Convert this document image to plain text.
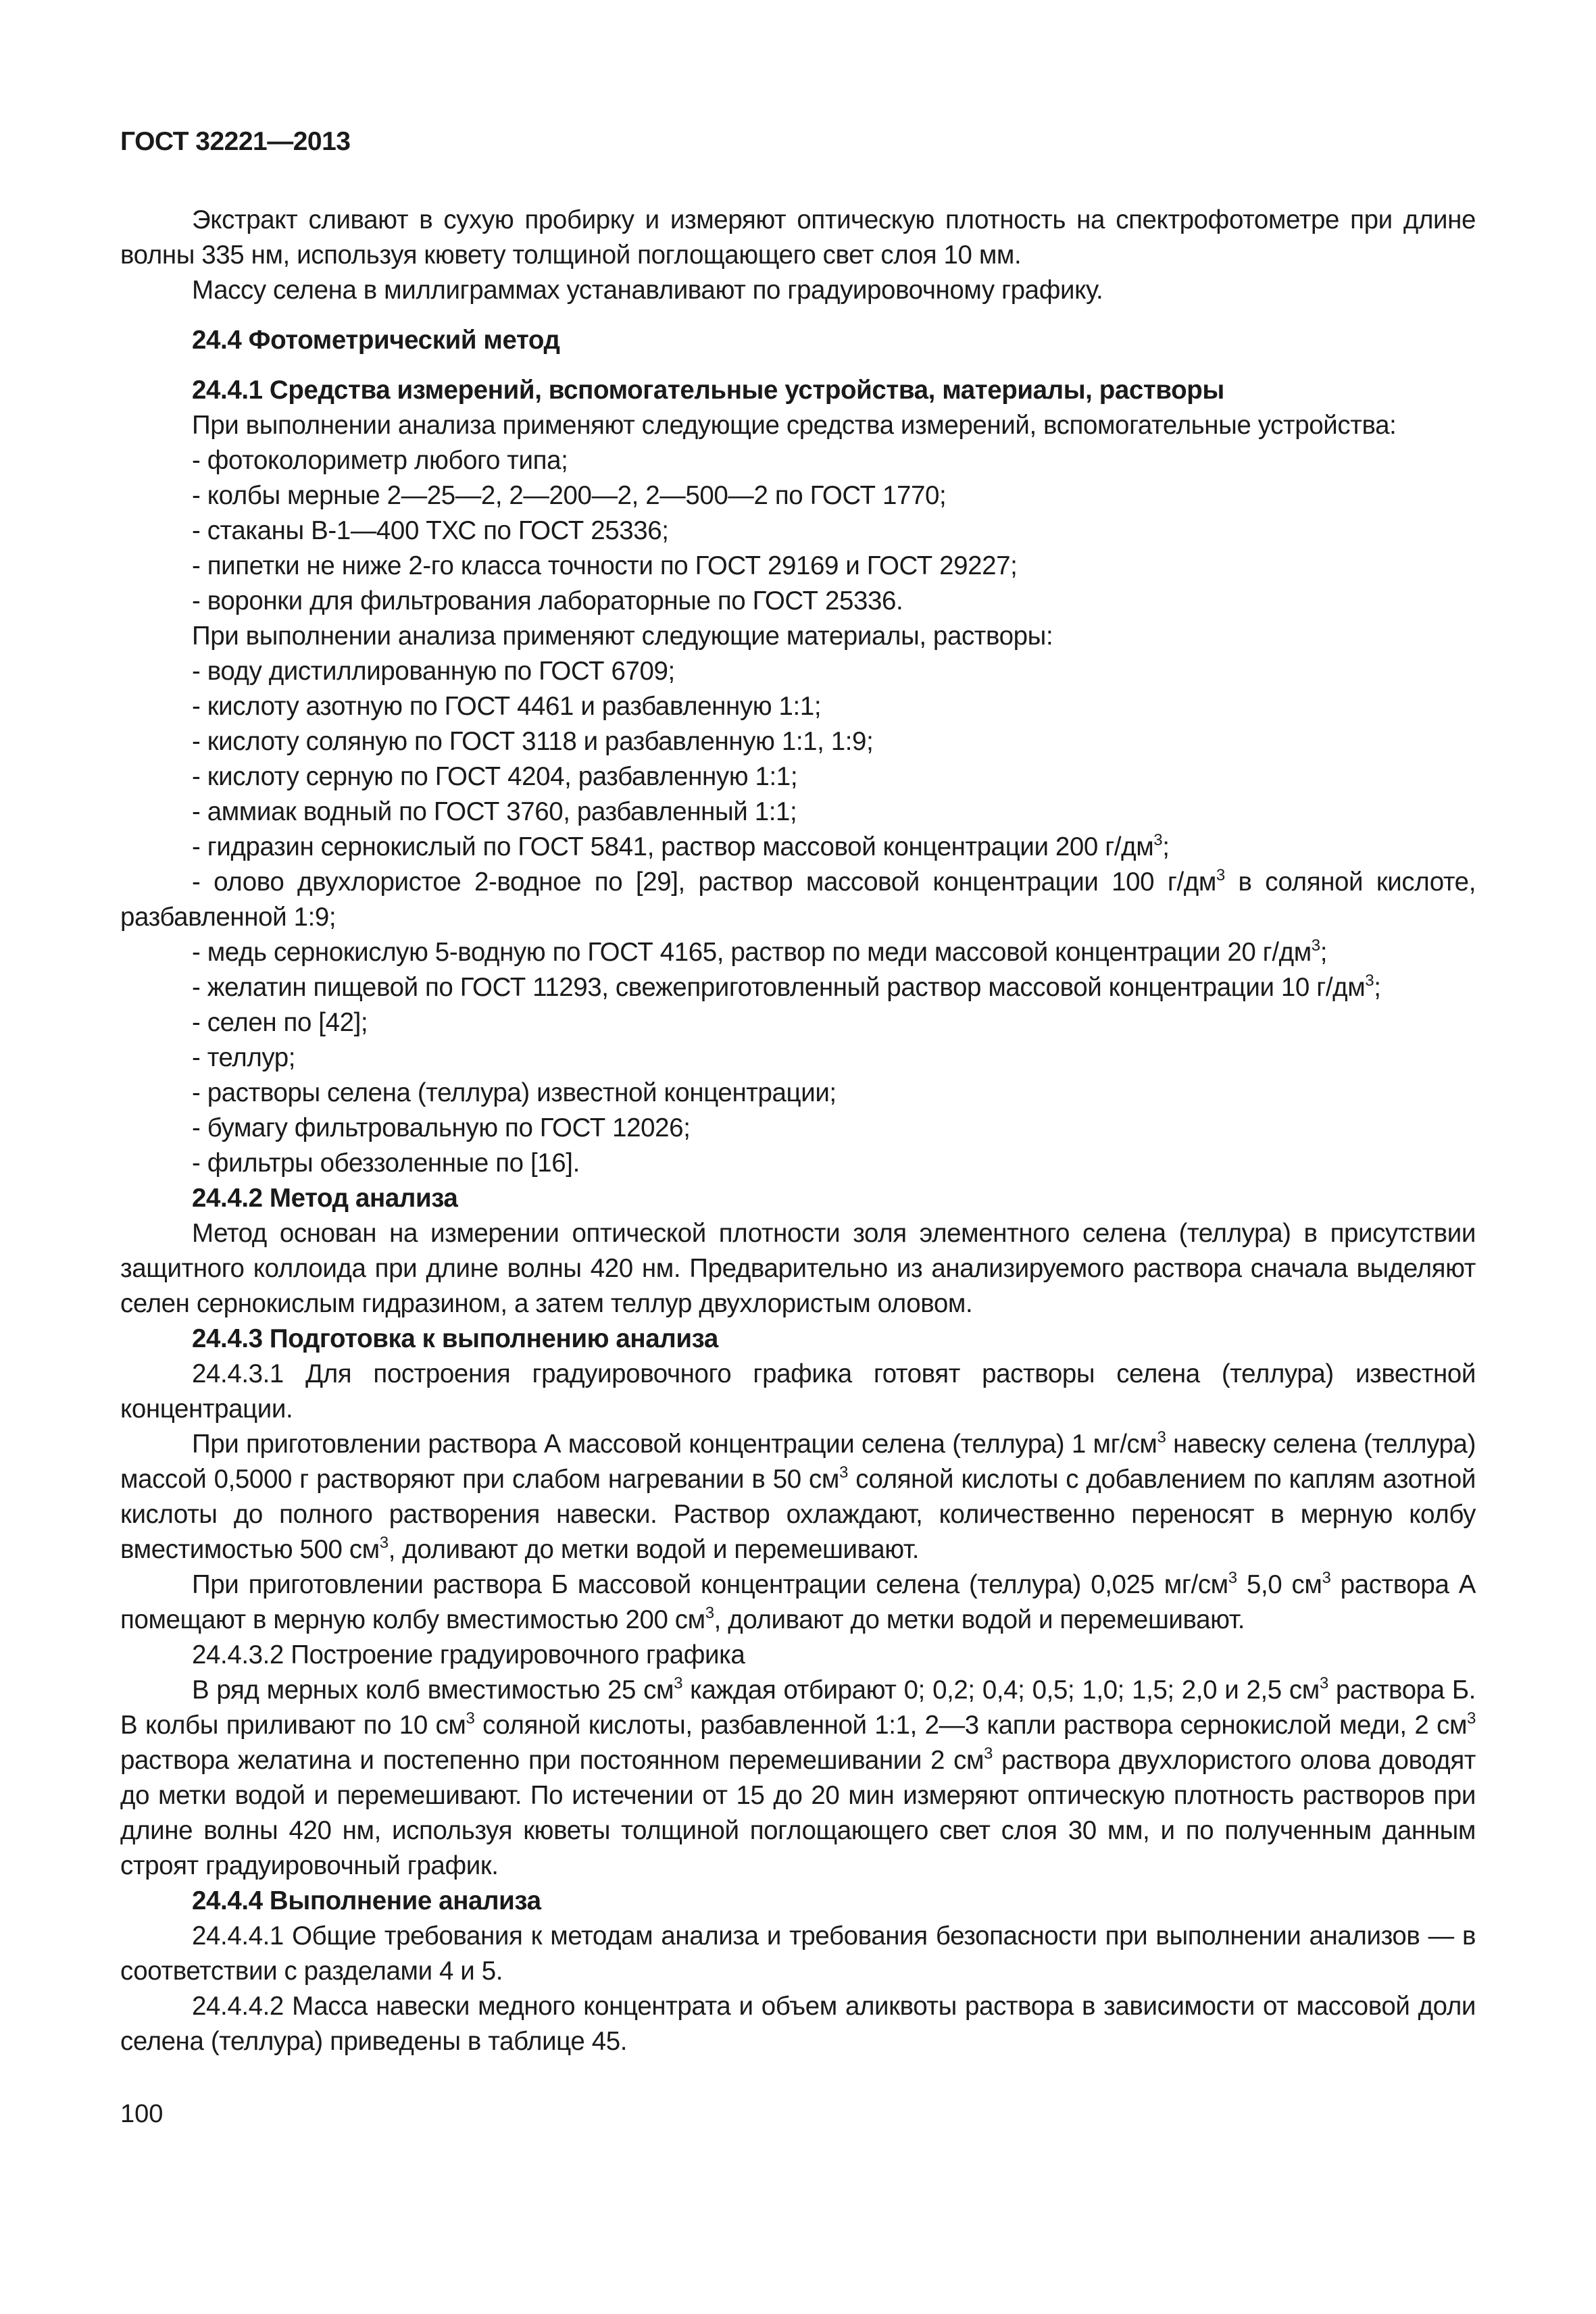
ГОСТ 32221—2013

Экстракт сливают в сухую пробирку и измеряют оптическую плотность на спектрофотометре при длине волны 335 нм, используя кювету толщиной поглощающего свет слоя 10 мм.

Массу селена в миллиграммах устанавливают по градуировочному графику.

24.4 Фотометрический метод

24.4.1 Средства измерений, вспомогательные устройства, материалы, растворы

При выполнении анализа применяют следующие средства измерений, вспомогательные устройства:

- фотоколориметр любого типа;

- колбы мерные 2—25—2, 2—200—2, 2—500—2 по ГОСТ 1770;

- стаканы В-1—400 ТХС по ГОСТ 25336;

- пипетки не ниже 2-го класса точности по ГОСТ 29169 и ГОСТ 29227;

- воронки для фильтрования лабораторные по ГОСТ 25336.

При выполнении анализа применяют следующие материалы, растворы:

- воду дистиллированную по ГОСТ 6709;

- кислоту азотную по ГОСТ 4461 и разбавленную 1:1;

- кислоту соляную по ГОСТ 3118 и разбавленную 1:1, 1:9;

- кислоту серную по ГОСТ 4204, разбавленную 1:1;

- аммиак водный по ГОСТ 3760, разбавленный 1:1;

- гидразин сернокислый по ГОСТ 5841, раствор массовой концентрации 200 $г/дм^3$;

- олово двухлористое 2-водное по [29], раствор массовой концентрации 100 $г/дм^3$ в соляной кислоте, разбавленной 1:9;

- медь сернокислую 5-водную по ГОСТ 4165, раствор по меди массовой концентрации 20 $г/дм^3$;

- желатин пищевой по ГОСТ 11293, свежеприготовленный раствор массовой концентрации 10 $г/дм^3$;

- селен по [42];

- теллур;

- растворы селена (теллура) известной концентрации;

- бумагу фильтровальную по ГОСТ 12026;

- фильтры обеззоленные по [16].

24.4.2 Метод анализа

Метод основан на измерении оптической плотности золя элементного селена (теллура) в присутствии защитного коллоида при длине волны 420 нм. Предварительно из анализируемого раствора сначала выделяют селен сернокислым гидразином, а затем теллур двухлористым оловом.

24.4.3 Подготовка к выполнению анализа

24.4.3.1 Для построения градуировочного графика готовят растворы селена (теллура) известной концентрации.

При приготовлении раствора А массовой концентрации селена (теллура) 1 $мг/см^3$ навеску селена (теллура) массой 0,5000 г растворяют при слабом нагревании в 50 $см^3$ соляной кислоты с добавлением по каплям азотной кислоты до полного растворения навески. Раствор охлаждают, количественно переносят в мерную колбу вместимостью 500 $см^3$, доливают до метки водой и перемешивают.

При приготовлении раствора Б массовой концентрации селена (теллура) 0,025 $мг/см^3$ 5,0 $см^3$ раствора А помещают в мерную колбу вместимостью 200 $см^3$, доливают до метки водой и перемешивают.

24.4.3.2 Построение градуировочного графика

В ряд мерных колб вместимостью 25 $см^3$ каждая отбирают 0; 0,2; 0,4; 0,5; 1,0; 1,5; 2,0 и 2,5 $см^3$ раствора Б. В колбы приливают по 10 $см^3$ соляной кислоты, разбавленной 1:1, 2—3 капли раствора сернокислой меди, 2 $см^3$ раствора желатина и постепенно при постоянном перемешивании 2 $см^3$ раствора двухлористого олова доводят до метки водой и перемешивают. По истечении от 15 до 20 мин измеряют оптическую плотность растворов при длине волны 420 нм, используя кюветы толщиной поглощающего свет слоя 30 мм, и по полученным данным строят градуировочный график.

24.4.4 Выполнение анализа

24.4.4.1 Общие требования к методам анализа и требования безопасности при выполнении анализов — в соответствии с разделами 4 и 5.

24.4.4.2 Масса навески медного концентрата и объем аликвоты раствора в зависимости от массовой доли селена (теллура) приведены в таблице 45.

100
